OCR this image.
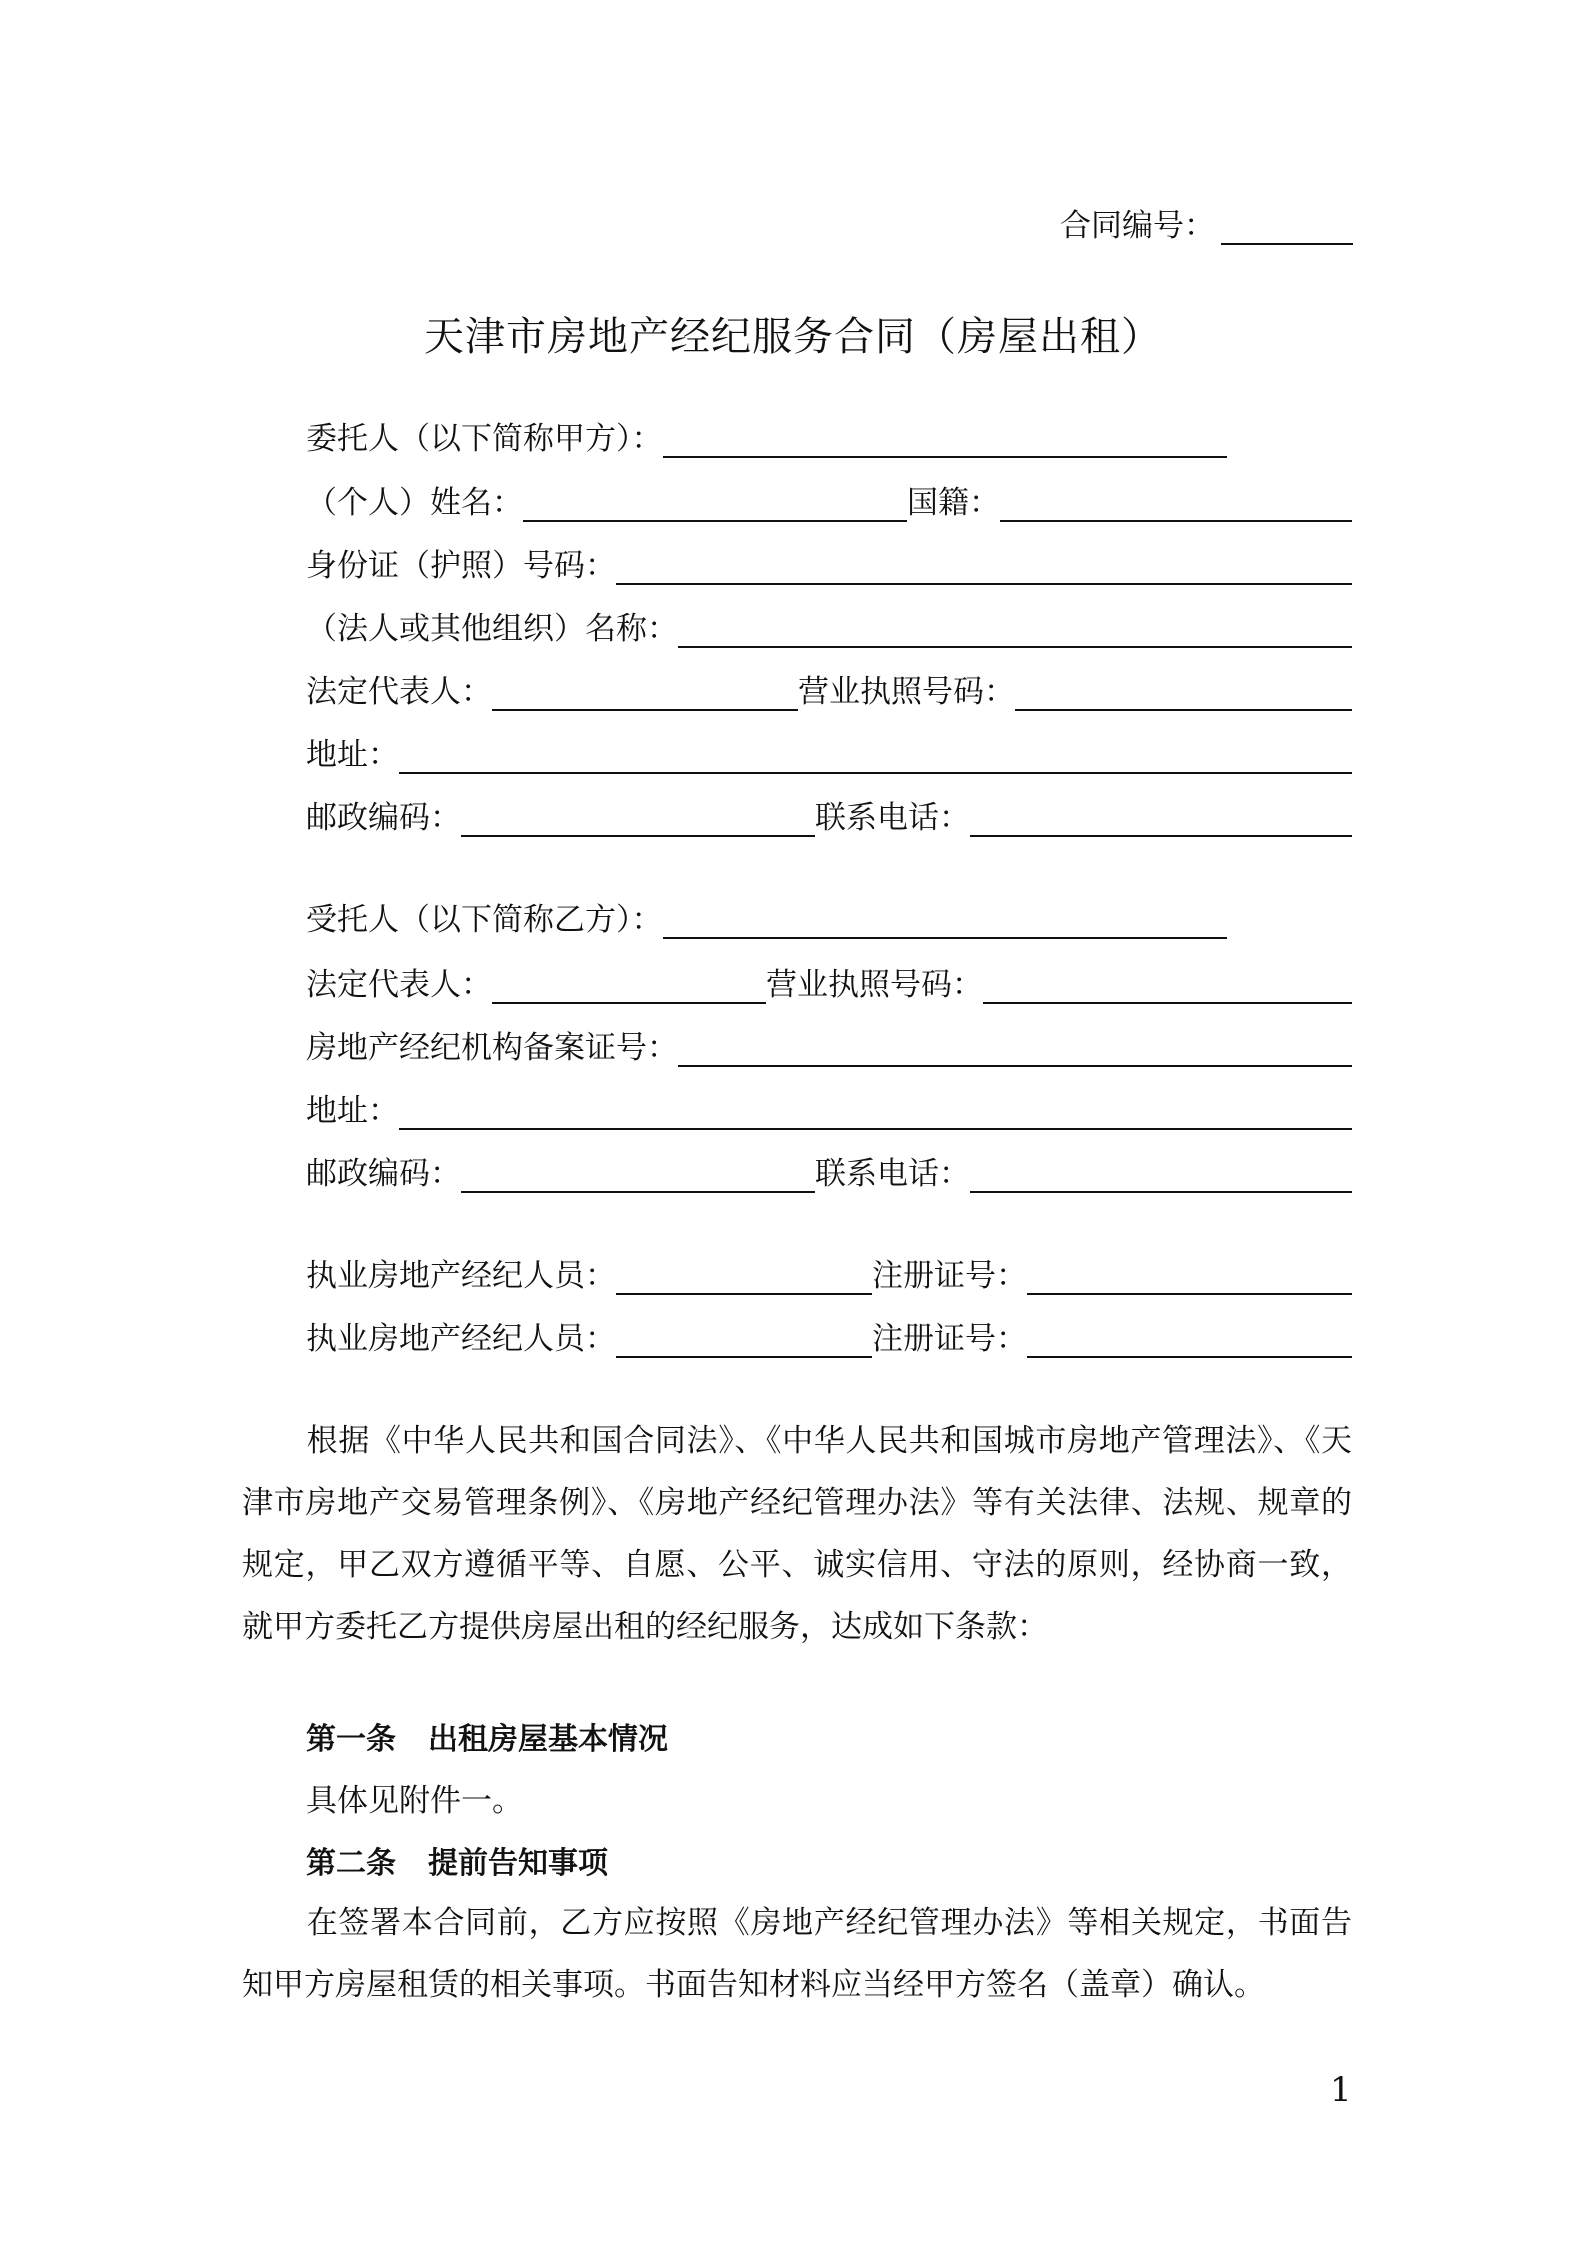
合同编号：
天津市房地产经纪服务合同（房屋出租）
委托人（以下简称甲方）：
（个人）姓名：	国籍：
身份证（护照）号码：
（法人或其他组织）名称：
法定代表人：	营业执照号码：
地址：
邮政编码：	联系电话：
受托人（以下简称乙方）：
法定代表人：	营业执照号码：
房地产经纪机构备案证号：
地址：
邮政编码：	联系电话：
执业房地产经纪人员：	注册证号：
执业房地产经纪人员：	注册证号：
根据《中华人民共和国合同法》、《中华人民共和国城市房地产管理法》、《天津市房地产交易管理条例》、《房地产经纪管理办法》等有关法律、法规、规章的规定，甲乙双方遵循平等、自愿、公平、诚实信用、守法的原则，经协商一致，就甲方委托乙方提供房屋出租的经纪服务，达成如下条款：
第一条 出租房屋基本情况
具体见附件一。
第二条 提前告知事项
在签署本合同前，乙方应按照《房地产经纪管理办法》等相关规定，书面告知甲方房屋租赁的相关事项。书面告知材料应当经甲方签名（盖章）确认。
1
